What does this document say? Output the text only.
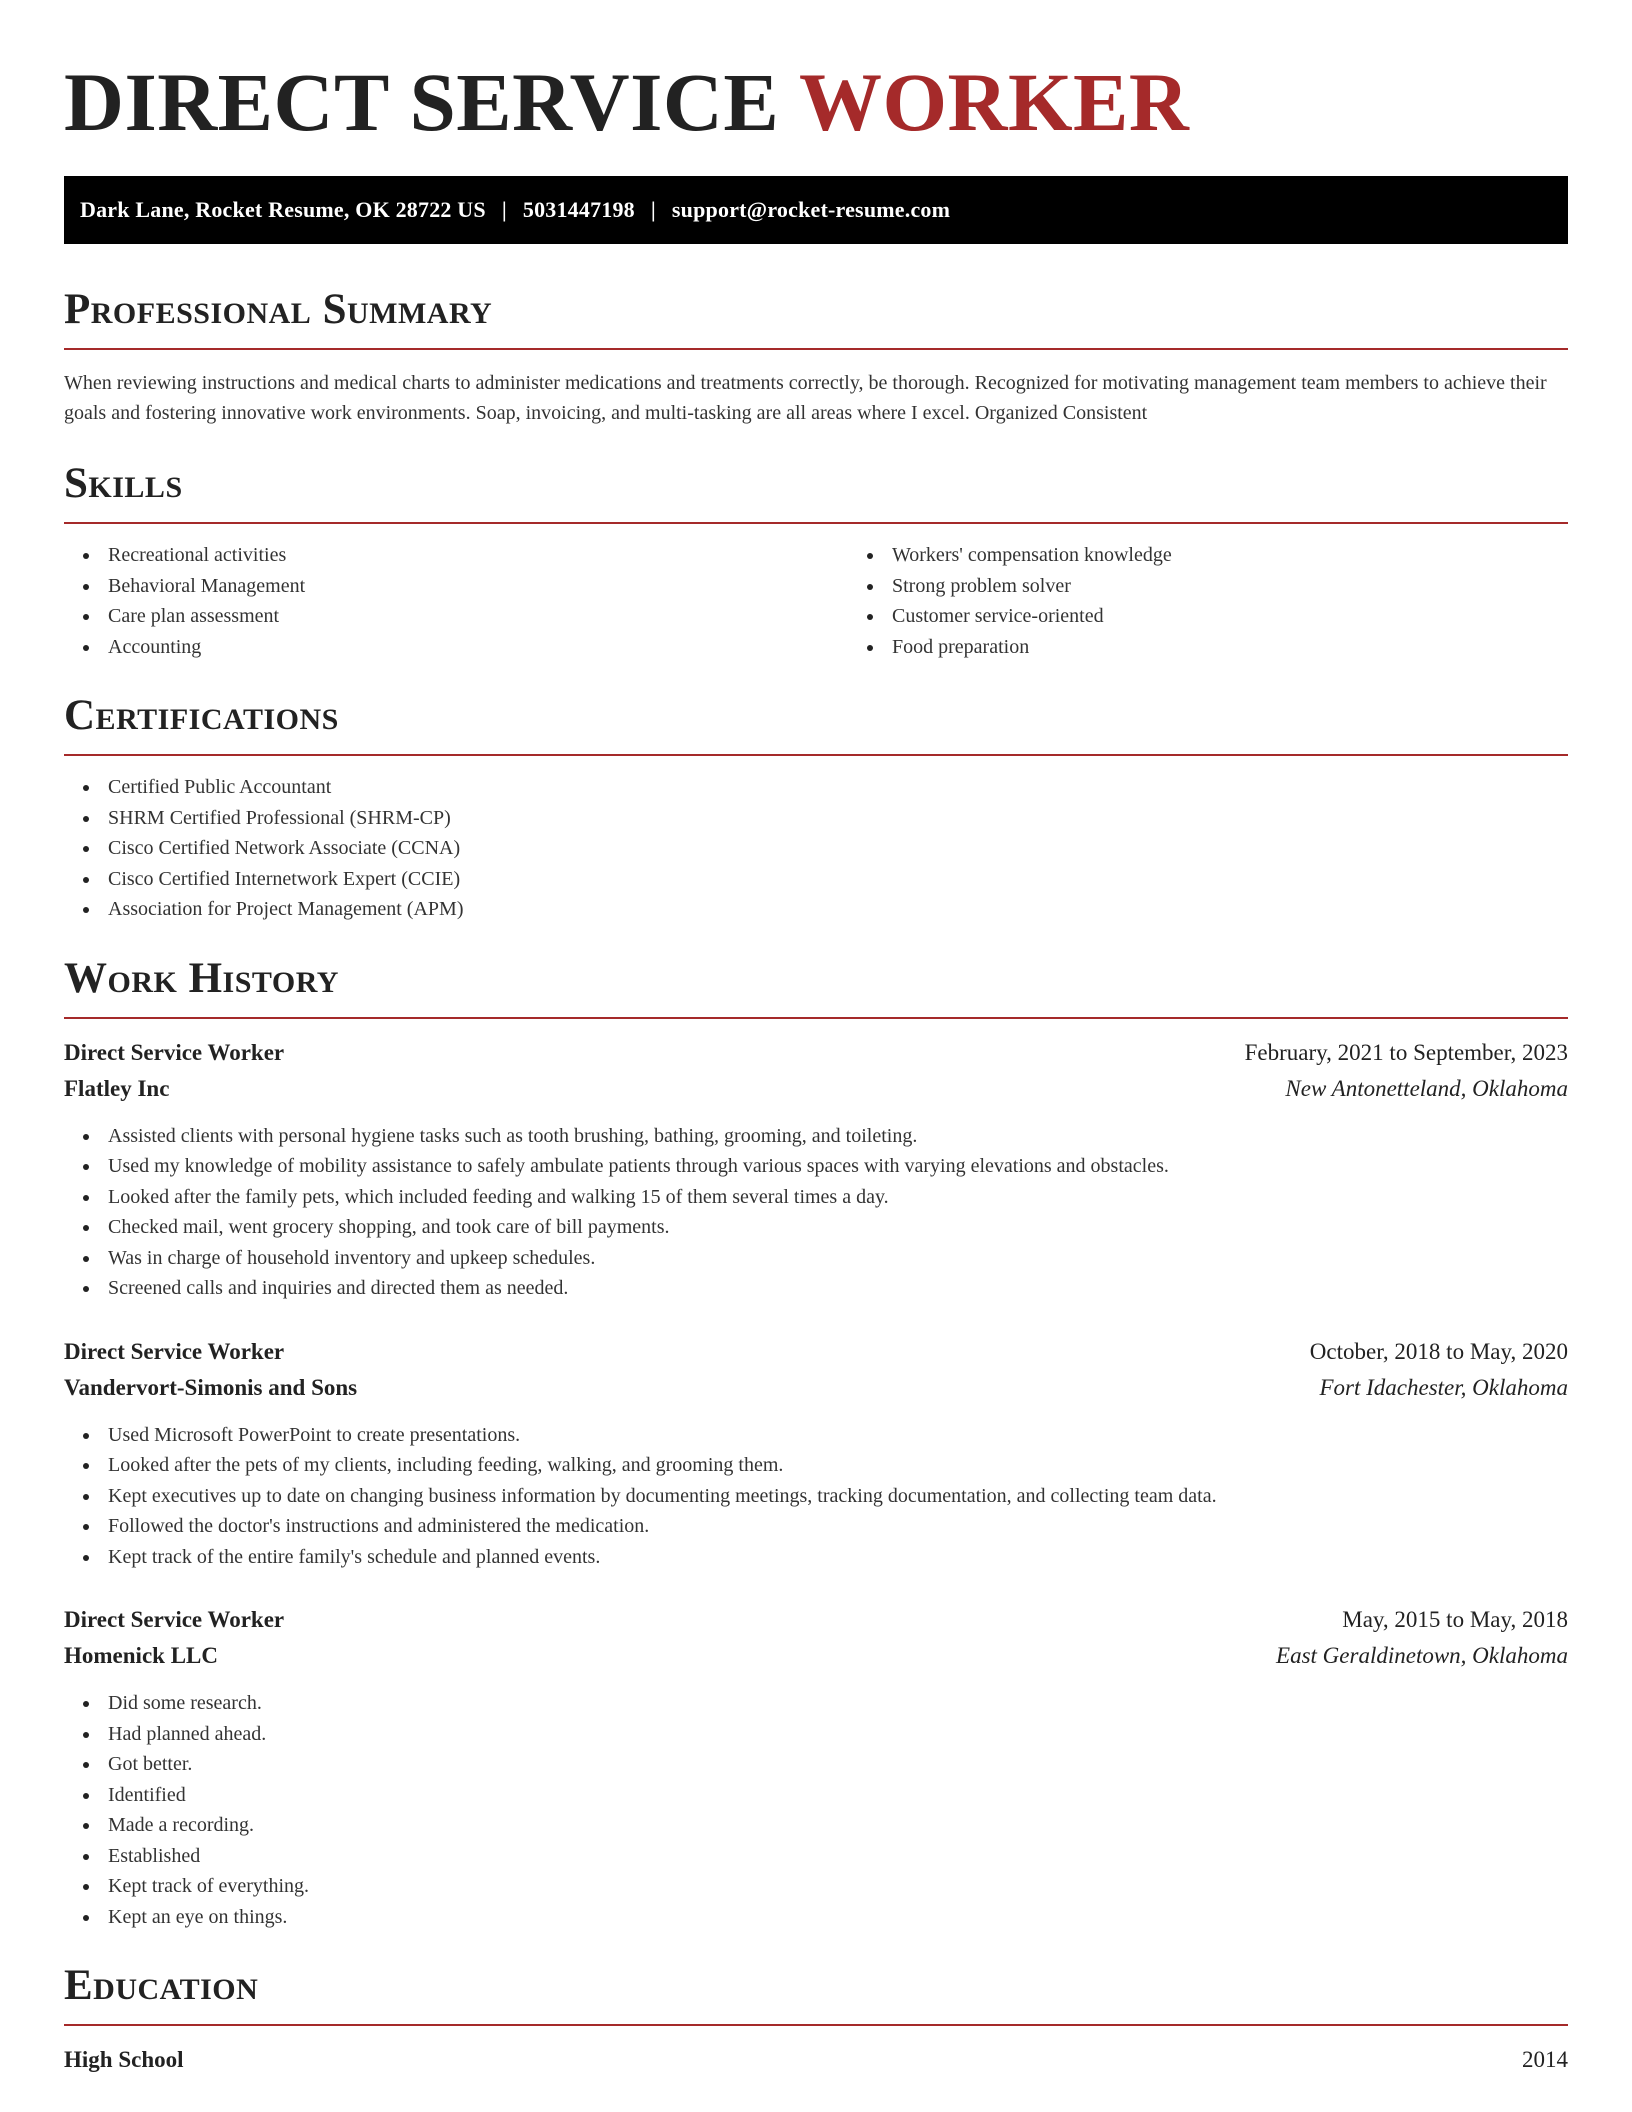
DIRECT SERVICE WORKER
Dark Lane, Rocket Resume, OK 28722 US | 5031447198 | support@rocket-resume.com
Professional Summary

When reviewing instructions and medical charts to administer medications and treatments correctly, be thorough. Recognized for motivating management team members to achieve their goals and fostering innovative work environments. Soap, invoicing, and multi-tasking are all areas where I excel. Organized Consistent

Skills
Recreational activities
Behavioral Management
Care plan assessment
Accounting
Workers' compensation knowledge
Strong problem solver
Customer service-oriented
Food preparation
Certifications
Certified Public Accountant
SHRM Certified Professional (SHRM-CP)
Cisco Certified Network Associate (CCNA)
Cisco Certified Internetwork Expert (CCIE)
Association for Project Management (APM)
Work History
Direct Service Worker	February, 2021 to September, 2023
Flatley Inc	New Antonetteland, Oklahoma
Assisted clients with personal hygiene tasks such as tooth brushing, bathing, grooming, and toileting.
Used my knowledge of mobility assistance to safely ambulate patients through various spaces with varying elevations and obstacles.
Looked after the family pets, which included feeding and walking 15 of them several times a day.
Checked mail, went grocery shopping, and took care of bill payments.
Was in charge of household inventory and upkeep schedules.
Screened calls and inquiries and directed them as needed.
Direct Service Worker	October, 2018 to May, 2020
Vandervort-Simonis and Sons	Fort Idachester, Oklahoma
Used Microsoft PowerPoint to create presentations.
Looked after the pets of my clients, including feeding, walking, and grooming them.
Kept executives up to date on changing business information by documenting meetings, tracking documentation, and collecting team data.
Followed the doctor's instructions and administered the medication.
Kept track of the entire family's schedule and planned events.
Direct Service Worker	May, 2015 to May, 2018
Homenick LLC	East Geraldinetown, Oklahoma
Did some research.
Had planned ahead.
Got better.
Identified
Made a recording.
Established
Kept track of everything.
Kept an eye on things.
Education
High School	2014
